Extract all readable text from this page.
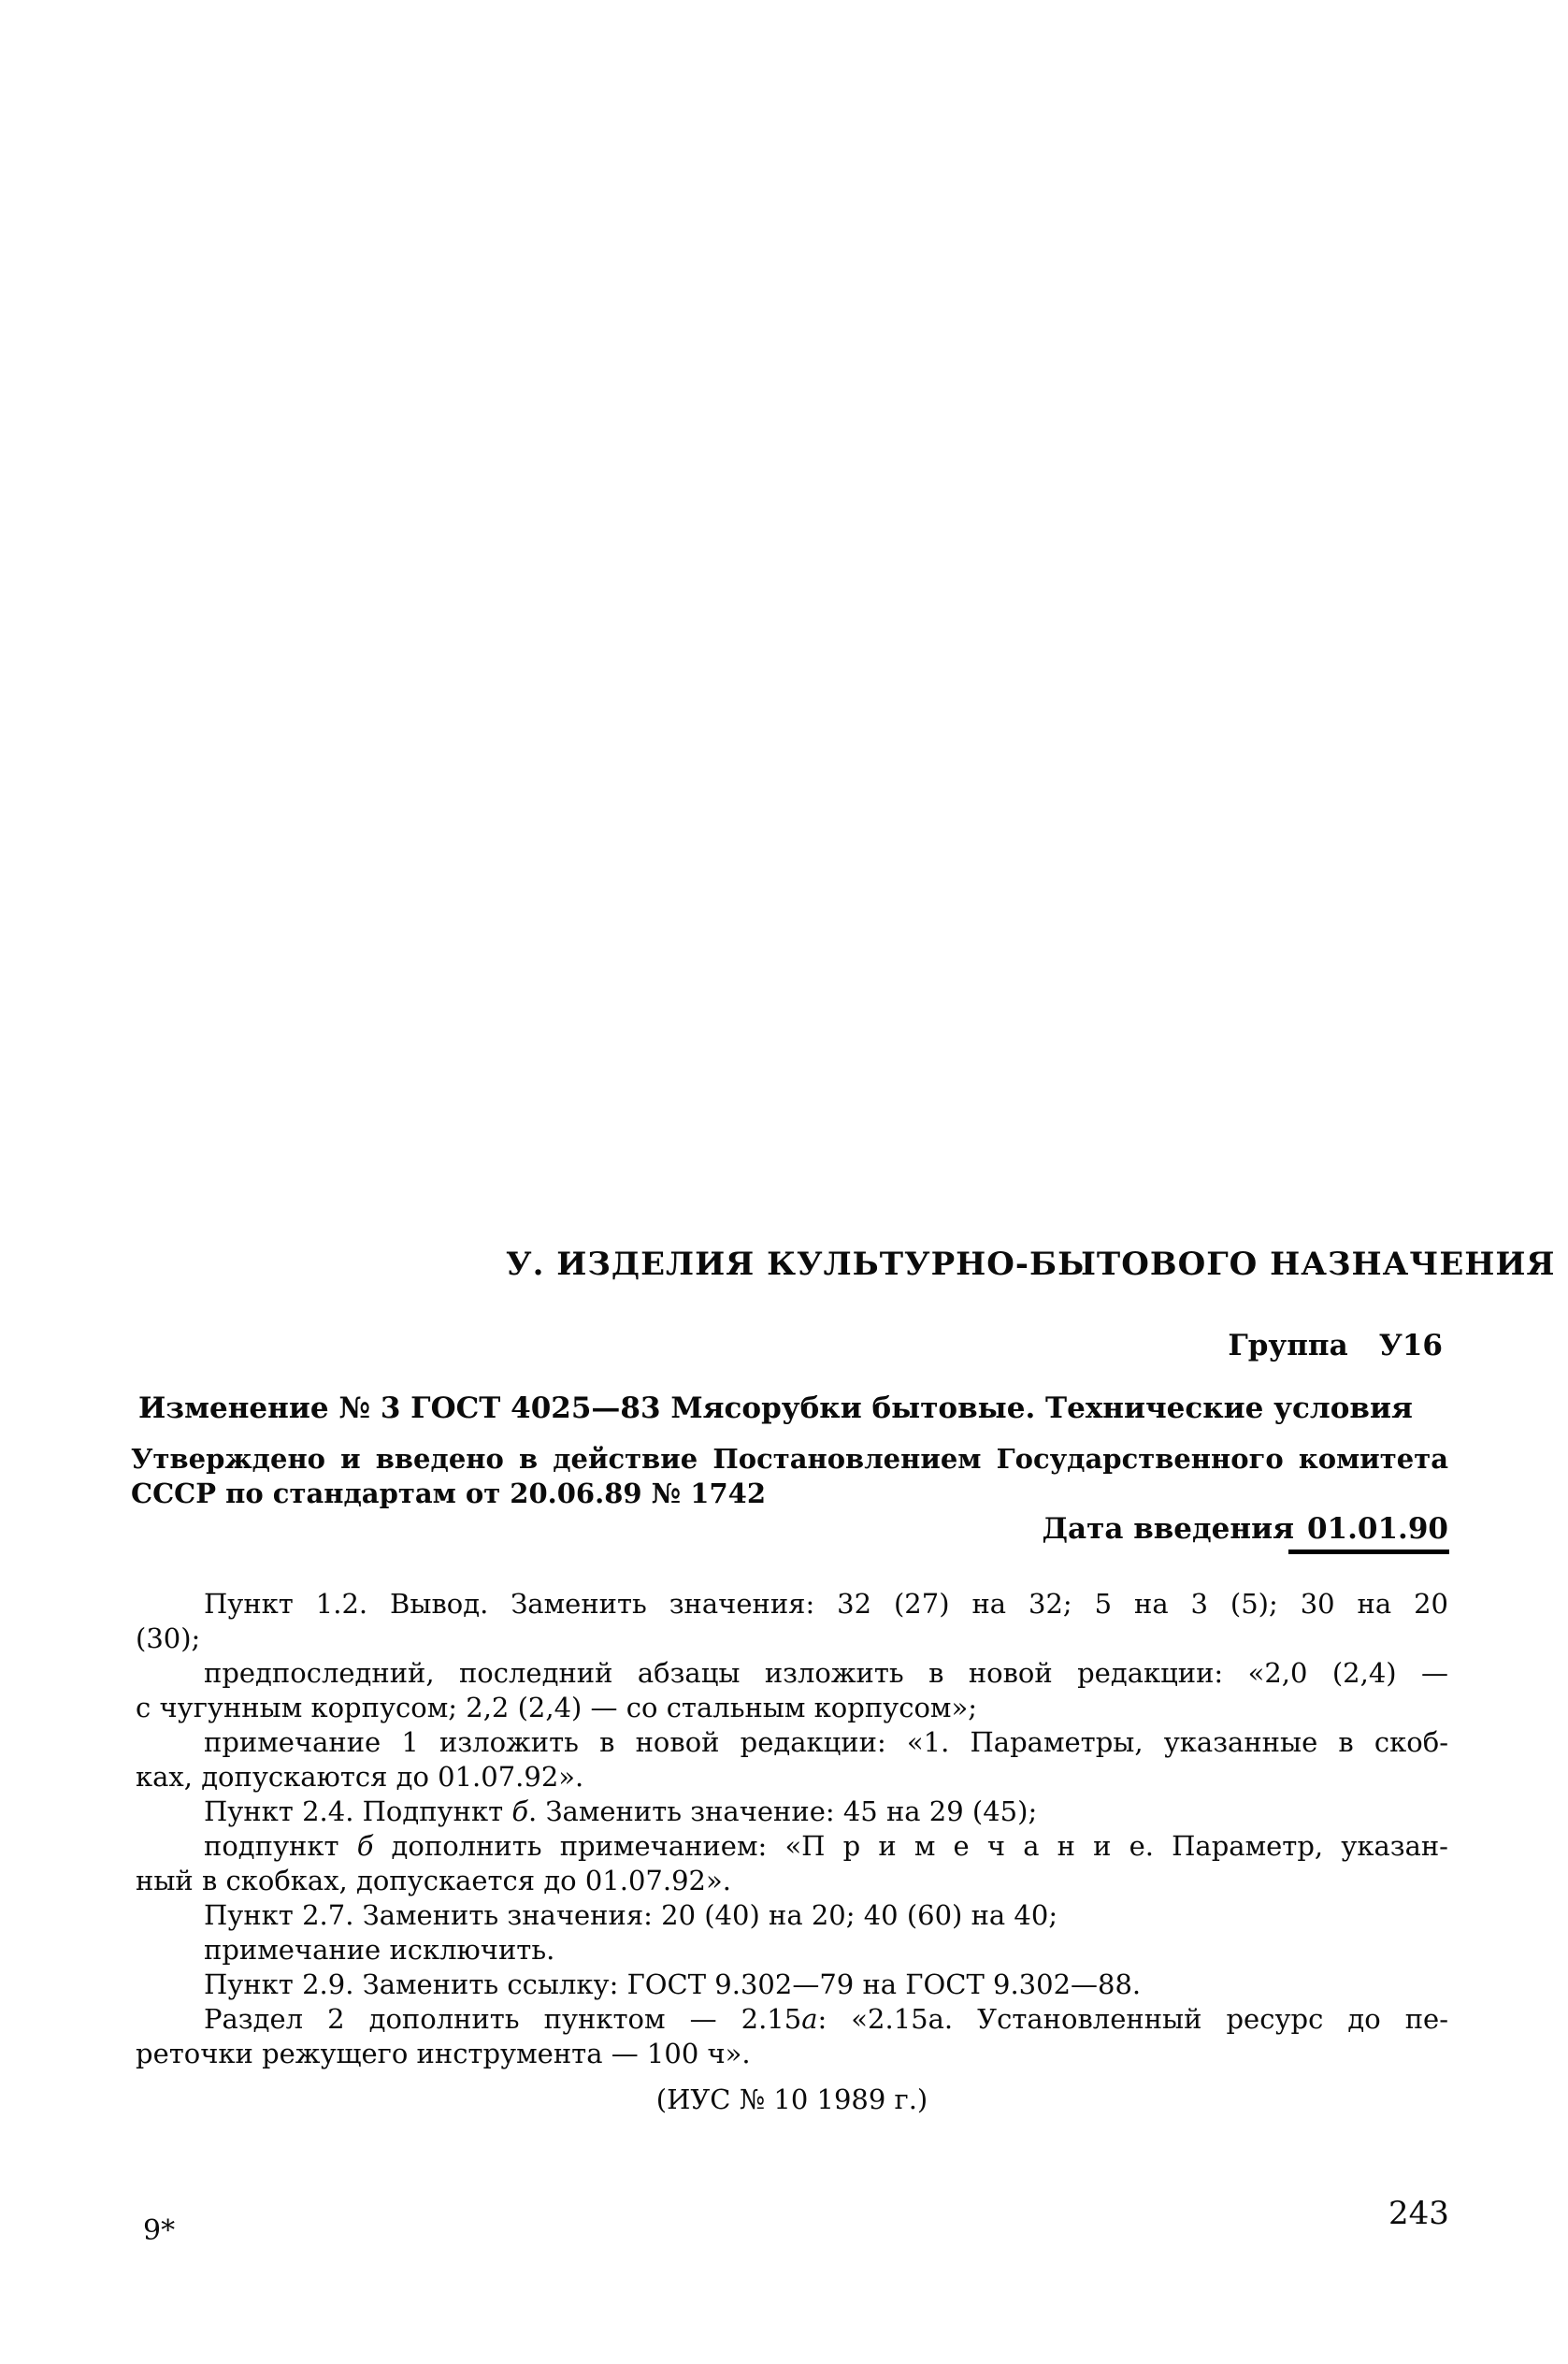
У. ИЗДЕЛИЯ КУЛЬТУРНО-БЫТОВОГО НАЗНАЧЕНИЯ
Группа У16
Изменение № 3 ГОСТ 4025—83 Мясорубки бытовые. Технические условия
Утверждено и введено в действие Постановлением Государственного комитета
СССР по стандартам от 20.06.89 № 1742
Дата введения 01.01.90
Пункт 1.2. Вывод. Заменить значения: 32 (27) на 32; 5 на 3 (5); 30 на 20
(30);
предпоследний, последний абзацы изложить в новой редакции: «2,0 (2,4) —
с чугунным корпусом; 2,2 (2,4) — со стальным корпусом»;
примечание 1 изложить в новой редакции: «1. Параметры, указанные в скоб-
ках, допускаются до 01.07.92».
Пункт 2.4. Подпункт б. Заменить значение: 45 на 29 (45);
подпункт б дополнить примечанием: «П р и м е ч а н и е. Параметр, указан-
ный в скобках, допускается до 01.07.92».
Пункт 2.7. Заменить значения: 20 (40) на 20; 40 (60) на 40;
примечание исключить.
Пункт 2.9. Заменить ссылку: ГОСТ 9.302—79 на ГОСТ 9.302—88.
Раздел 2 дополнить пунктом — 2.15а: «2.15а. Установленный ресурс до пе-
реточки режущего инструмента — 100 ч».
(ИУС № 10 1989 г.)
9*	243
